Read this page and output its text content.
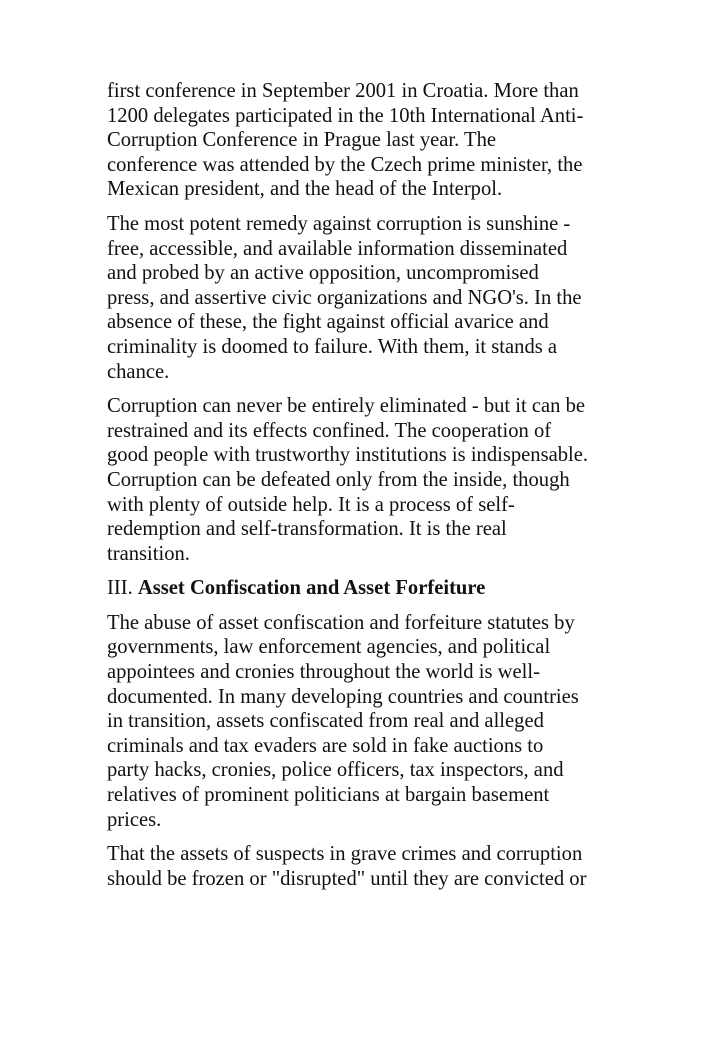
first conference in September 2001 in Croatia. More than
1200 delegates participated in the 10th International Anti-
Corruption Conference in Prague last year. The
conference was attended by the Czech prime minister, the
Mexican president, and the head of the Interpol.

The most potent remedy against corruption is sunshine -
free, accessible, and available information disseminated
and probed by an active opposition, uncompromised
press, and assertive civic organizations and NGO's. In the
absence of these, the fight against official avarice and
criminality is doomed to failure. With them, it stands a
chance.

Corruption can never be entirely eliminated - but it can be
restrained and its effects confined. The cooperation of
good people with trustworthy institutions is indispensable.
Corruption can be defeated only from the inside, though
with plenty of outside help. It is a process of self-
redemption and self-transformation. It is the real
transition.

III. Asset Confiscation and Asset Forfeiture

The abuse of asset confiscation and forfeiture statutes by
governments, law enforcement agencies, and political
appointees and cronies throughout the world is well-
documented. In many developing countries and countries
in transition, assets confiscated from real and alleged
criminals and tax evaders are sold in fake auctions to
party hacks, cronies, police officers, tax inspectors, and
relatives of prominent politicians at bargain basement
prices.

That the assets of suspects in grave crimes and corruption
should be frozen or "disrupted" until they are convicted or
